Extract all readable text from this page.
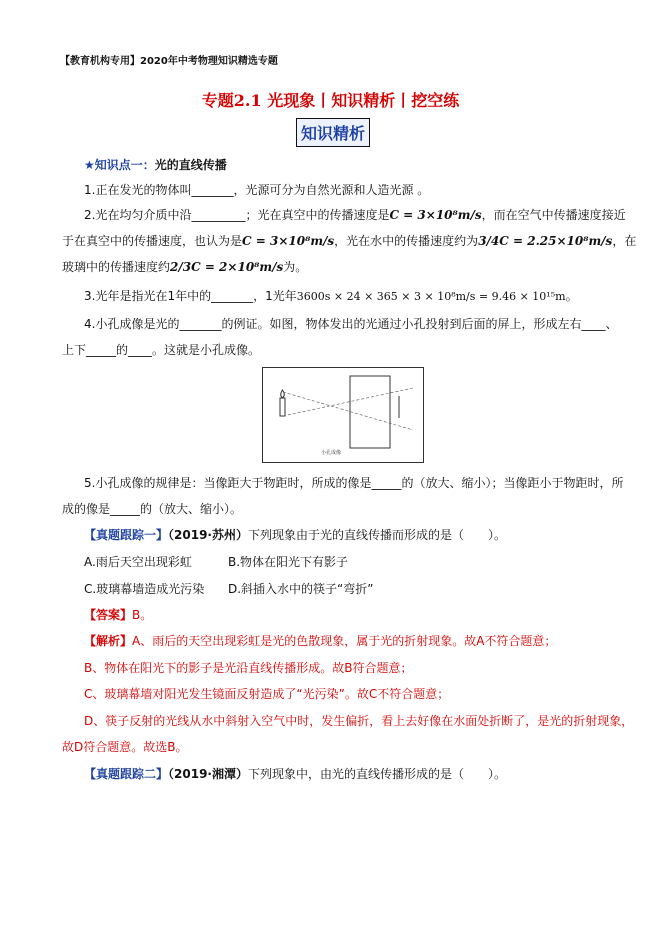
【教育机构专用】2020年中考物理知识精选专题
专题2.1 光现象丨知识精析丨挖空练
知识精析
★知识点一：光的直线传播
1.正在发光的物体叫_______，光源可分为自然光源和人造光源 。
2.光在均匀介质中沿_________；光在真空中的传播速度是C = 3×10⁸m/s，而在空气中传播速度接近
于在真空中的传播速度，也认为是C = 3×10⁸m/s，光在水中的传播速度约为3/4C = 2.25×10⁸m/s，在
玻璃中的传播速度约2/3C = 2×10⁸m/s为。
3.光年是指光在1年中的_______，1光年3600s × 24 × 365 × 3 × 10⁸m/s = 9.46 × 10¹⁵m。
4.小孔成像是光的_______的例证。如图，物体发出的光通过小孔投射到后面的屏上，形成左右____、
上下_____的____。这就是小孔成像。
小孔成像
5.小孔成像的规律是：当像距大于物距时，所成的像是_____的（放大、缩小）；当像距小于物距时，所
成的像是_____的（放大、缩小）。
【真题跟踪一】（2019·苏州）下列现象由于光的直线传播而形成的是（　　）。
A.雨后天空出现彩虹	B.物体在阳光下有影子
C.玻璃幕墙造成光污染 D.斜插入水中的筷子“弯折”
【答案】B。
【解析】A、雨后的天空出现彩虹是光的色散现象，属于光的折射现象。故A不符合题意；
B、物体在阳光下的影子是光沿直线传播形成。故B符合题意；
C、玻璃幕墙对阳光发生镜面反射造成了“光污染”。故C不符合题意；
D、筷子反射的光线从水中斜射入空气中时，发生偏折，看上去好像在水面处折断了，是光的折射现象，
故D符合题意。故选B。
【真题跟踪二】（2019·湘潭）下列现象中，由光的直线传播形成的是（　　）。
